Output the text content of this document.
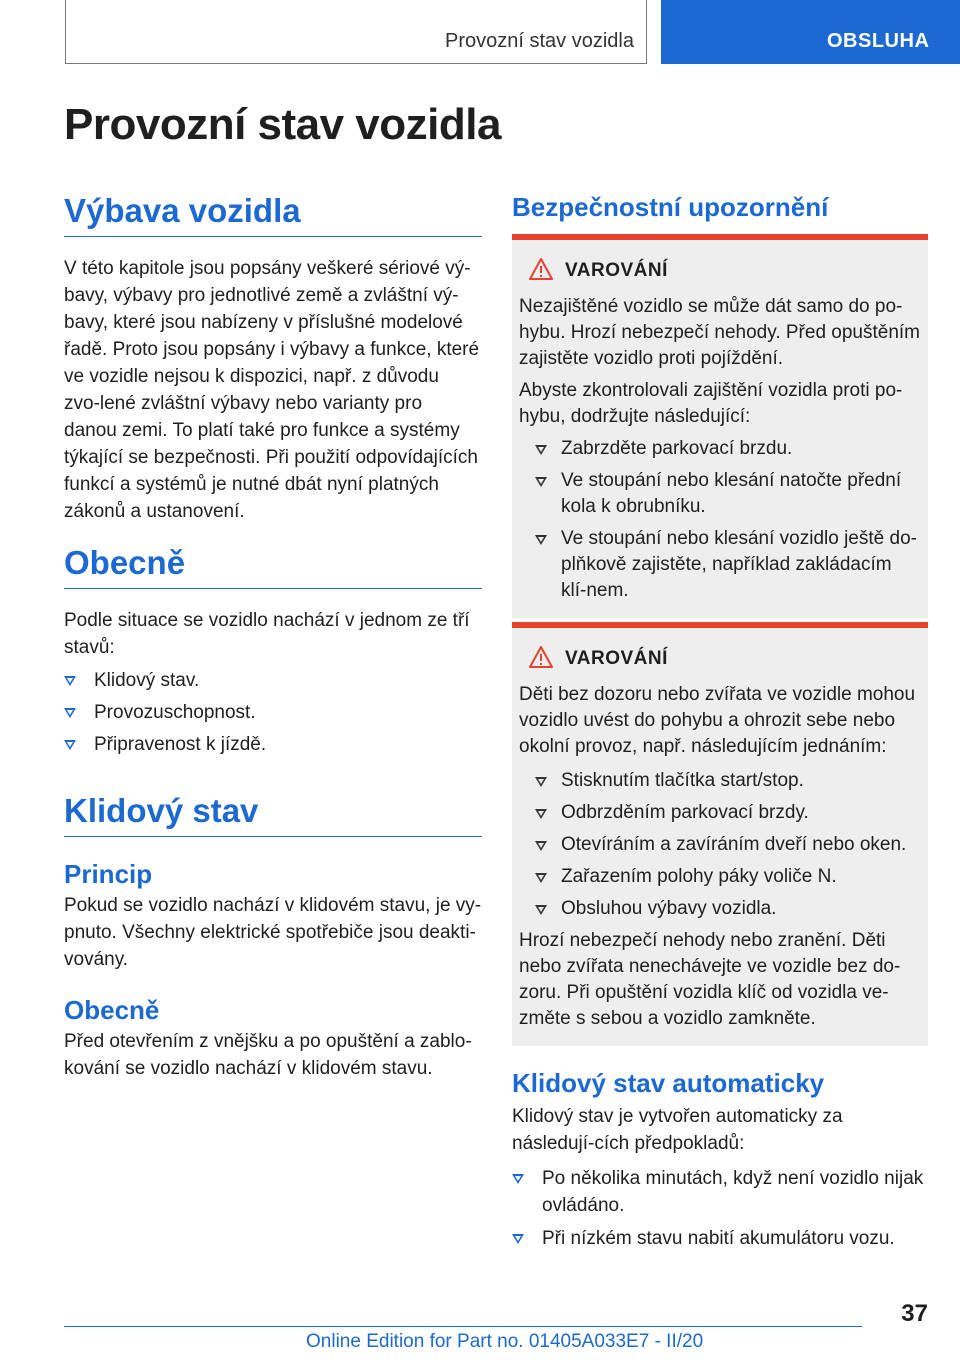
Provozní stav vozidla	OBSLUHA
Provozní stav vozidla
Výbava vozidla

V této kapitole jsou popsány veškeré sériové vý-bavy, výbavy pro jednotlivé země a zvláštní vý-bavy, které jsou nabízeny v příslušné modelové řadě. Proto jsou popsány i výbavy a funkce, které ve vozidle nejsou k dispozici, např. z důvodu zvo-lené zvláštní výbavy nebo varianty pro danou zemi. To platí také pro funkce a systémy týkající se bezpečnosti. Při použití odpovídajících funkcí a systémů je nutné dbát nyní platných zákonů a ustanovení.

Obecně

Podle situace se vozidlo nachází v jednom ze tří stavů:

Klidový stav.
Provozuschopnost.
Připravenost k jízdě.
Klidový stav
Princip

Pokud se vozidlo nachází v klidovém stavu, je vy-pnuto. Všechny elektrické spotřebiče jsou deakti-vovány.

Obecně

Před otevřením z vnějšku a po opuštění a zablo-kování se vozidlo nachází v klidovém stavu.

Bezpečnostní upozornění
VAROVÁNÍ

Nezajištěné vozidlo se může dát samo do po-hybu. Hrozí nebezpečí nehody. Před opuštěním zajistěte vozidlo proti pojíždění.

Abyste zkontrolovali zajištění vozidla proti po-hybu, dodržujte následující:

Zabrzděte parkovací brzdu.
Ve stoupání nebo klesání natočte přední kola k obrubníku.
Ve stoupání nebo klesání vozidlo ještě do-plňkově zajistěte, například zakládacím klí-nem.
VAROVÁNÍ

Děti bez dozoru nebo zvířata ve vozidle mohou vozidlo uvést do pohybu a ohrozit sebe nebo okolní provoz, např. následujícím jednáním:

Stisknutím tlačítka start/stop.
Odbrzděním parkovací brzdy.
Otevíráním a zavíráním dveří nebo oken.
Zařazením polohy páky voliče N.
Obsluhou výbavy vozidla.

Hrozí nebezpečí nehody nebo zranění. Děti nebo zvířata nenechávejte ve vozidle bez do-zoru. Při opuštění vozidla klíč od vozidla ve-změte s sebou a vozidlo zamkněte.

Klidový stav automaticky

Klidový stav je vytvořen automaticky za následují-cích předpokladů:

Po několika minutách, když není vozidlo nijak ovládáno.
Při nízkém stavu nabití akumulátoru vozu.
37
Online Edition for Part no. 01405A033E7 - II/20
